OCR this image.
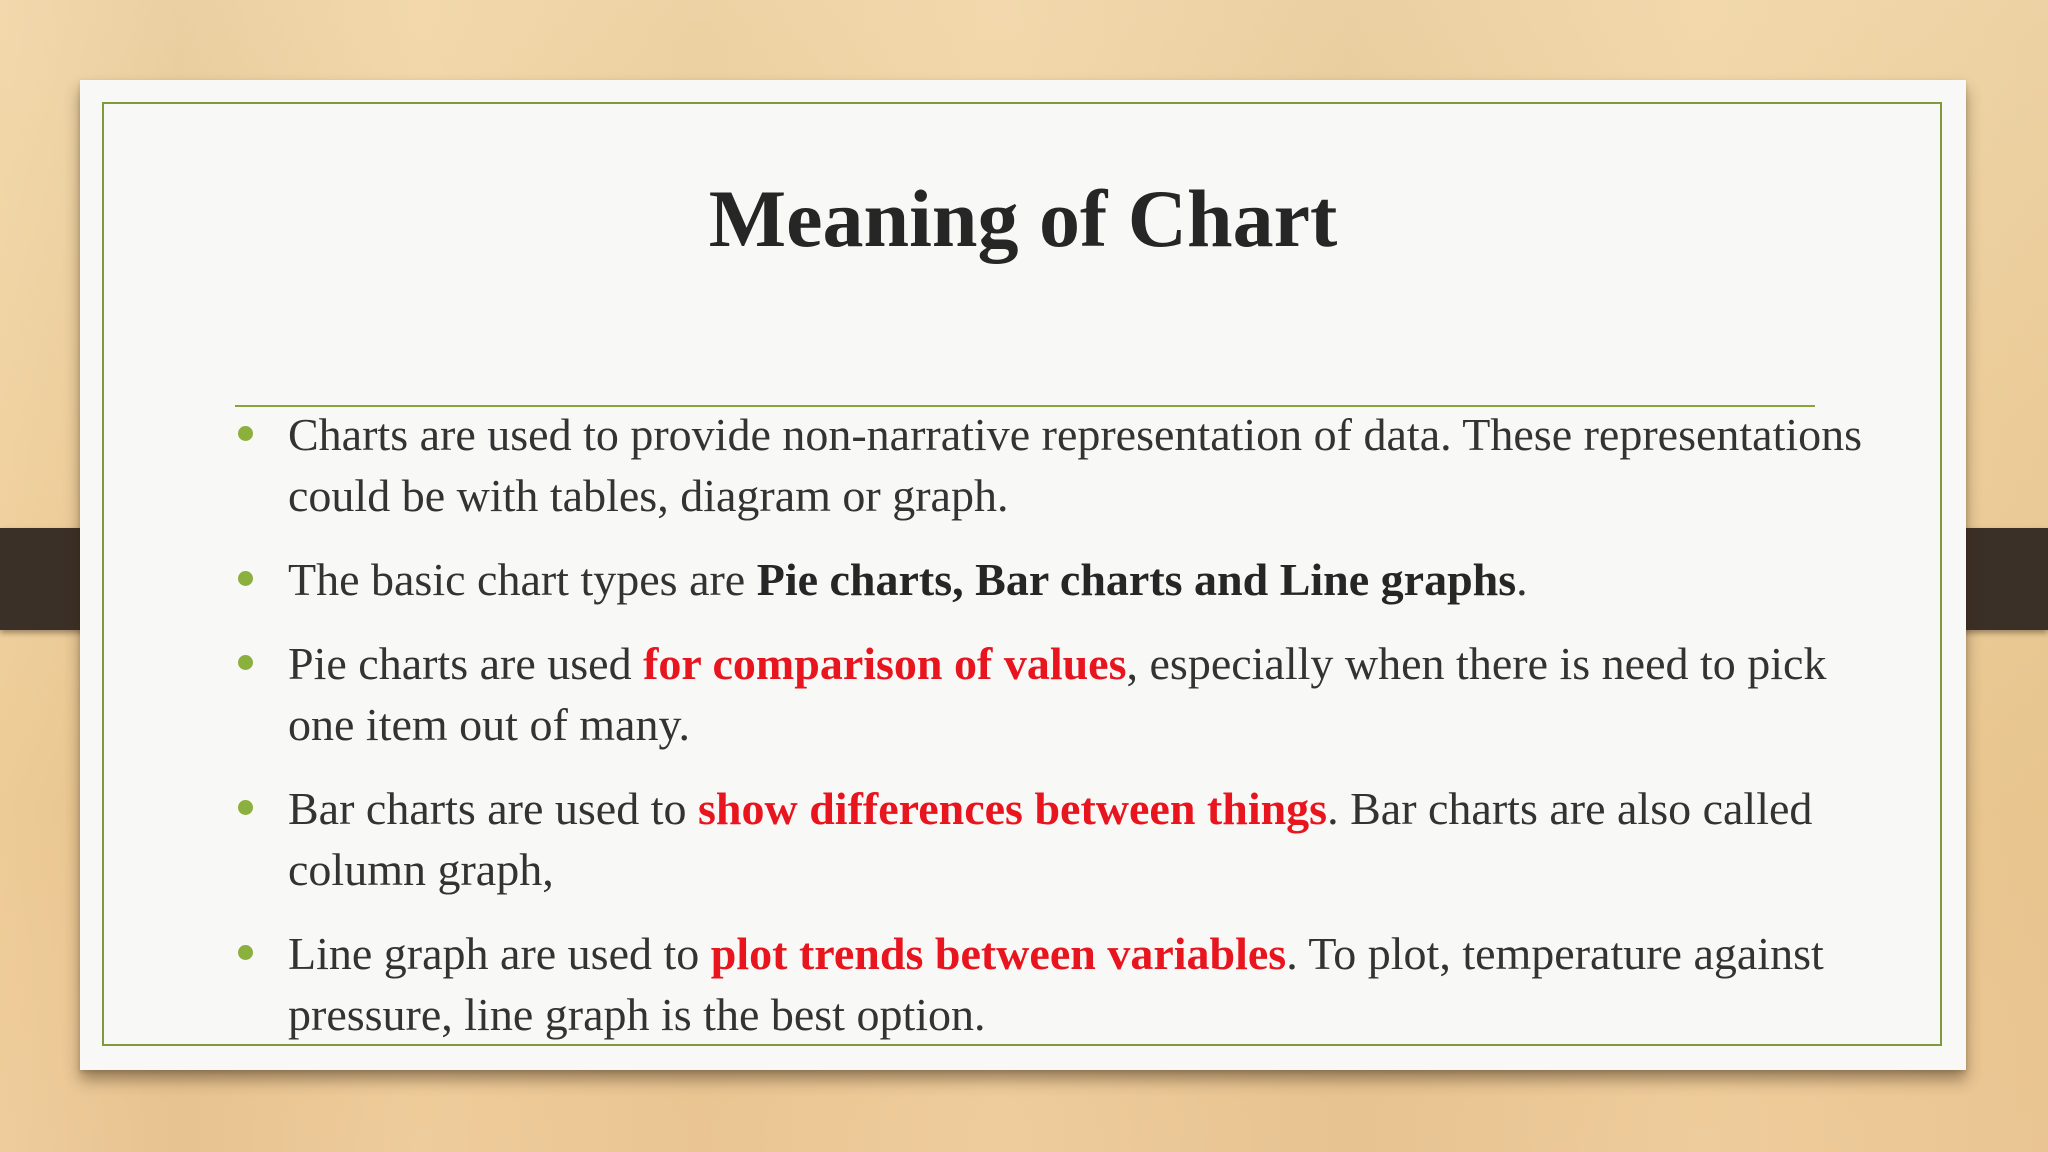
Meaning of Chart
Charts are used to provide non-narrative representation of data. These representations could be with tables, diagram or graph.
The basic chart types are Pie charts, Bar charts and Line graphs.
Pie charts are used for comparison of values, especially when there is need to pick one item out of many.
Bar charts are used to show differences between things. Bar charts are also called column graph,
Line graph are used to plot trends between variables. To plot, temperature against pressure, line graph is the best option.
